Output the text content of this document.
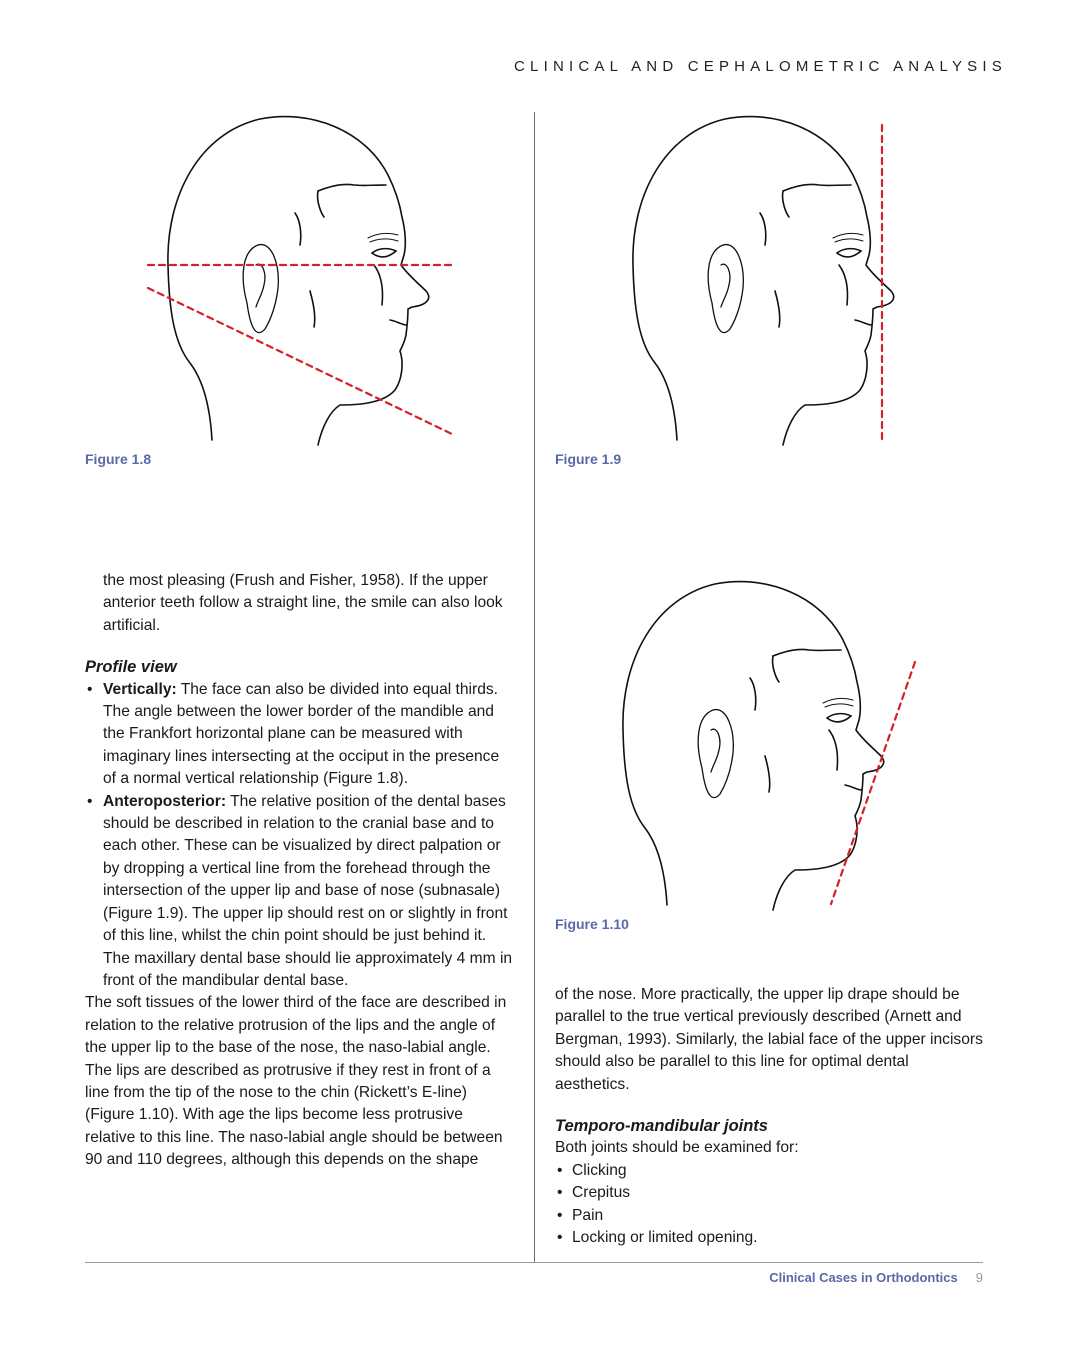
CLINICAL AND CEPHALOMETRIC ANALYSIS
Figure 1.8	Figure 1.9
Figure 1.10

the most pleasing (Frush and Fisher, 1958). If the upper anterior teeth follow a straight line, the smile can also look artificial.

Profile view

• Vertically: The face can also be divided into equal thirds. The angle between the lower border of the mandible and the Frankfort horizontal plane can be measured with imaginary lines intersecting at the occiput in the presence of a normal vertical relationship (Figure 1.8).
• Anteroposterior: The relative position of the dental bases should be described in relation to the cranial base and to each other. These can be visualized by direct palpation or by dropping a vertical line from the forehead through the intersection of the upper lip and base of nose (subnasale) (Figure 1.9). The upper lip should rest on or slightly in front of this line, whilst the chin point should be just behind it. The maxillary dental base should lie approximately 4 mm in front of the mandibular dental base.

The soft tissues of the lower third of the face are described in relation to the relative protrusion of the lips and the angle of the upper lip to the base of the nose, the naso-labial angle. The lips are described as protrusive if they rest in front of a line from the tip of the nose to the chin (Rickett’s E-line) (Figure 1.10). With age the lips become less protrusive relative to this line. The naso-labial angle should be between 90 and 110 degrees, although this depends on the shape

of the nose. More practically, the upper lip drape should be parallel to the true vertical previously described (Arnett and Bergman, 1993). Similarly, the labial face of the upper incisors should also be parallel to this line for optimal dental aesthetics.

Temporo-mandibular joints

Both joints should be examined for:

• Clicking
• Crepitus
• Pain
• Locking or limited opening.
Clinical Cases in Orthodontics 9
